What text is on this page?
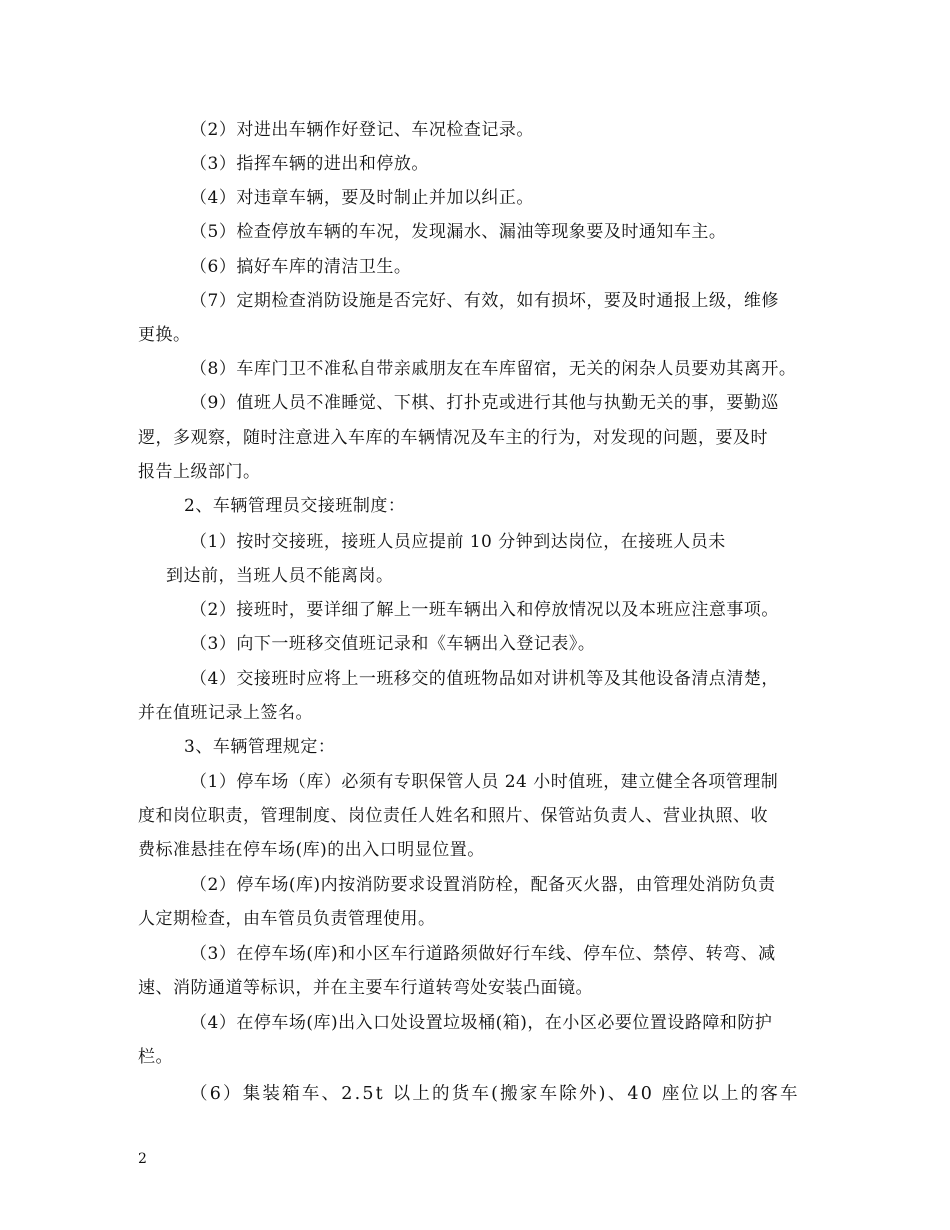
（2）对进出车辆作好登记、车况检查记录。
（3）指挥车辆的进出和停放。
（4）对违章车辆，要及时制止并加以纠正。
（5）检查停放车辆的车况，发现漏水、漏油等现象要及时通知车主。
（6）搞好车库的清洁卫生。
（7）定期检查消防设施是否完好、有效，如有损坏，要及时通报上级，维修
更换。
（8）车库门卫不准私自带亲戚朋友在车库留宿，无关的闲杂人员要劝其离开。
（9）值班人员不准睡觉、下棋、打扑克或进行其他与执勤无关的事，要勤巡
逻，多观察，随时注意进入车库的车辆情况及车主的行为，对发现的问题，要及时
报告上级部门。
2、车辆管理员交接班制度：
（1）按时交接班，接班人员应提前 10 分钟到达岗位，在接班人员未
到达前，当班人员不能离岗。
（2）接班时，要详细了解上一班车辆出入和停放情况以及本班应注意事项。
（3）向下一班移交值班记录和《车辆出入登记表》。
（4）交接班时应将上一班移交的值班物品如对讲机等及其他设备清点清楚，
并在值班记录上签名。
3、车辆管理规定：
（1）停车场（库）必须有专职保管人员 24 小时值班，建立健全各项管理制
度和岗位职责，管理制度、岗位责任人姓名和照片、保管站负责人、营业执照、收
费标准悬挂在停车场(库)的出入口明显位置。
（2）停车场(库)内按消防要求设置消防栓，配备灭火器，由管理处消防负责
人定期检查，由车管员负责管理使用。
（3）在停车场(库)和小区车行道路须做好行车线、停车位、禁停、转弯、减
速、消防通道等标识，并在主要车行道转弯处安装凸面镜。
（4）在停车场(库)出入口处设置垃圾桶(箱)，在小区必要位置设路障和防护
栏。
（6）集装箱车、2.5t 以上的货车(搬家车除外)、40 座位以上的客车
2
